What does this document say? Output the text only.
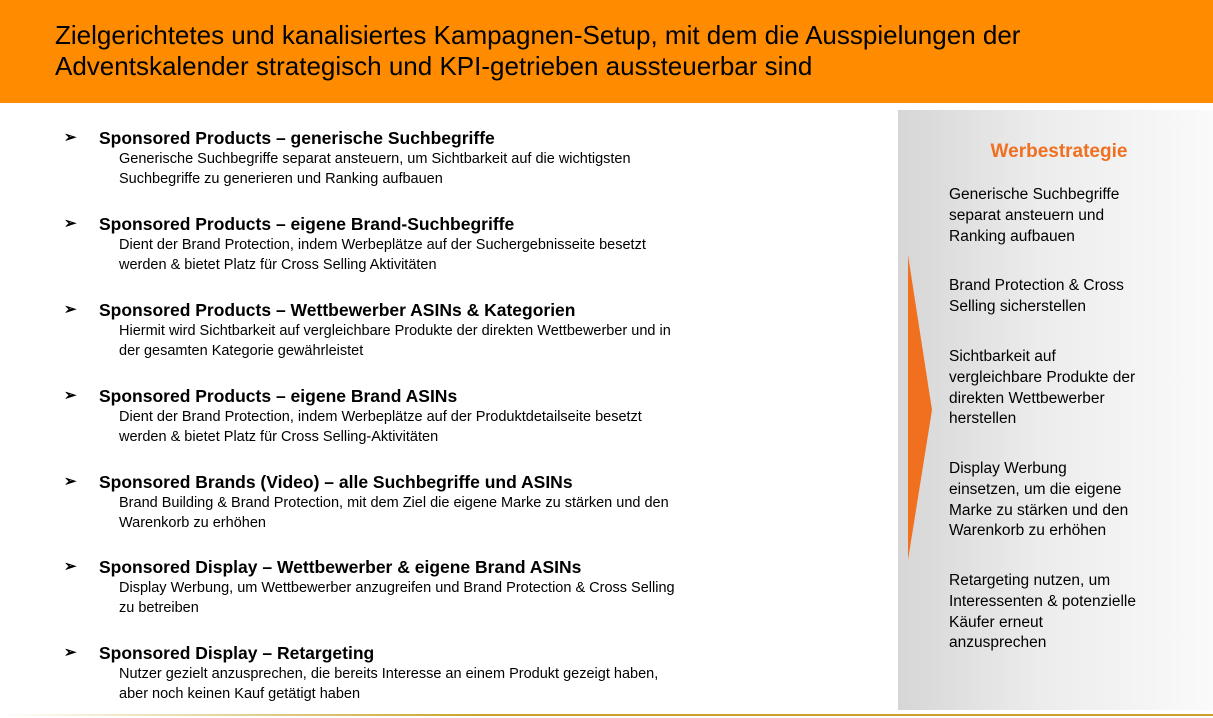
Zielgerichtetes und kanalisiertes Kampagnen-Setup, mit dem die Ausspielungen der Adventskalender strategisch und KPI-getrieben aussteuerbar sind
➢ Sponsored Products – generische Suchbegriffe
Generische Suchbegriffe separat ansteuern, um Sichtbarkeit auf die wichtigsten
Suchbegriffe zu generieren und Ranking aufbauen
➢ Sponsored Products – eigene Brand-Suchbegriffe
Dient der Brand Protection, indem Werbeplätze auf der Suchergebnisseite besetzt
werden & bietet Platz für Cross Selling Aktivitäten
➢ Sponsored Products – Wettbewerber ASINs & Kategorien
Hiermit wird Sichtbarkeit auf vergleichbare Produkte der direkten Wettbewerber und in
der gesamten Kategorie gewährleistet
➢ Sponsored Products – eigene Brand ASINs
Dient der Brand Protection, indem Werbeplätze auf der Produktdetailseite besetzt
werden & bietet Platz für Cross Selling-Aktivitäten
➢ Sponsored Brands (Video) – alle Suchbegriffe und ASINs
Brand Building & Brand Protection, mit dem Ziel die eigene Marke zu stärken und den
Warenkorb zu erhöhen
➢ Sponsored Display – Wettbewerber & eigene Brand ASINs
Display Werbung, um Wettbewerber anzugreifen und Brand Protection & Cross Selling
zu betreiben
➢ Sponsored Display – Retargeting
Nutzer gezielt anzusprechen, die bereits Interesse an einem Produkt gezeigt haben,
aber noch keinen Kauf getätigt haben
Werbestrategie
Generische Suchbegriffe
separat ansteuern und
Ranking aufbauen
Brand Protection & Cross
Selling sicherstellen
Sichtbarkeit auf
vergleichbare Produkte der
direkten Wettbewerber
herstellen
Display Werbung
einsetzen, um die eigene
Marke zu stärken und den
Warenkorb zu erhöhen
Retargeting nutzen, um
Interessenten & potenzielle
Käufer erneut
anzusprechen
